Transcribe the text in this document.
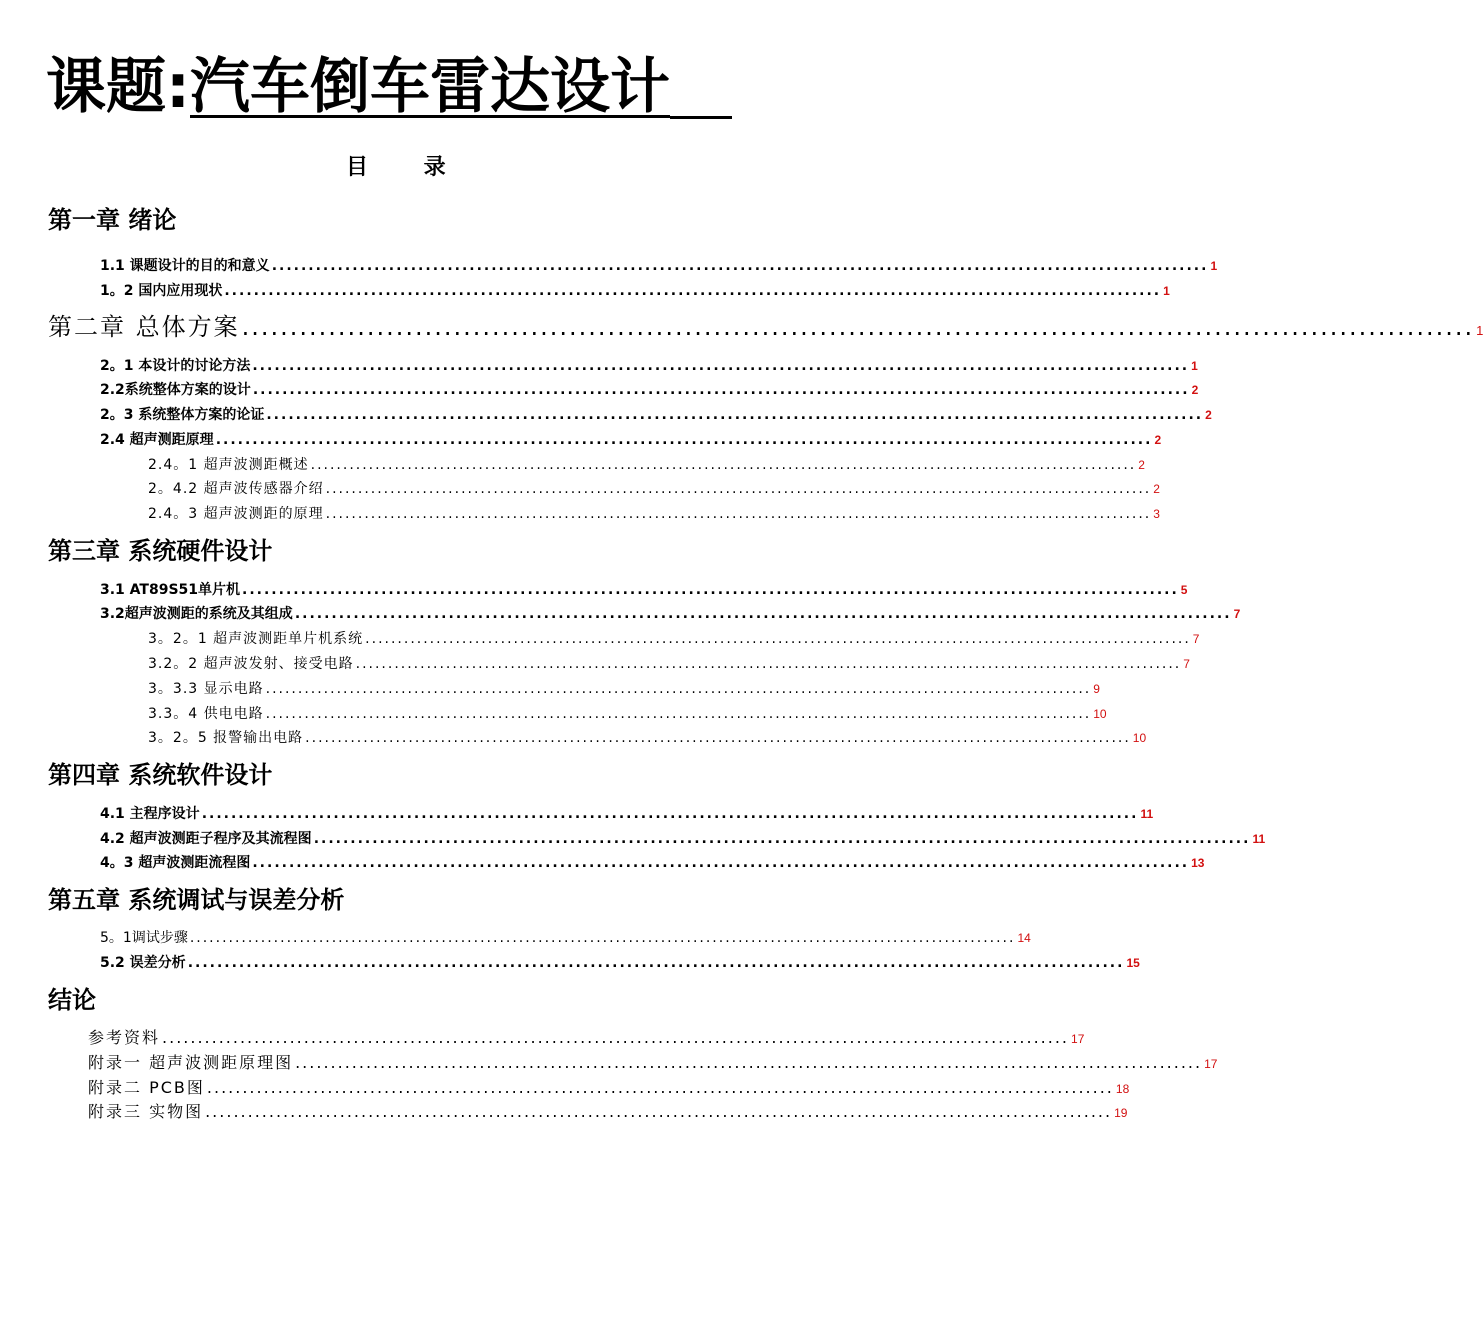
课题:汽车倒车雷达设计
目 录
第一章 绪论
1.1 课题设计的目的和意义 ................................................................................................................................ 1
1。2 国内应用现状 ................................................................................................................................ 1
第二章 总体方案 ................................................................................................................................ 1
2。1 本设计的讨论方法 ................................................................................................................................ 1
2.2系统整体方案的设计 ................................................................................................................................ 2
2。3 系统整体方案的论证 ................................................................................................................................ 2
2.4 超声测距原理 ................................................................................................................................ 2
2.4。1 超声波测距概述 ................................................................................................................................ 2
2。4.2 超声波传感器介绍 ................................................................................................................................ 2
2.4。3 超声波测距的原理 ................................................................................................................................ 3
第三章 系统硬件设计
3.1 AT89S51单片机 ................................................................................................................................ 5
3.2超声波测距的系统及其组成 ................................................................................................................................ 7
3。2。1 超声波测距单片机系统 ................................................................................................................................ 7
3.2。2 超声波发射、接受电路 ................................................................................................................................ 7
3。3.3 显示电路 ................................................................................................................................ 9
3.3。4 供电电路 ................................................................................................................................ 10
3。2。5 报警输出电路 ................................................................................................................................ 10
第四章 系统软件设计
4.1 主程序设计 ................................................................................................................................ 11
4.2 超声波测距子程序及其流程图 ................................................................................................................................ 11
4。3 超声波测距流程图 ................................................................................................................................ 13
第五章 系统调试与误差分析
5。1调试步骤 ................................................................................................................................ 14
5.2 误差分析 ................................................................................................................................ 15
结论
参考资料 ................................................................................................................................ 17
附录一 超声波测距原理图 ................................................................................................................................ 17
附录二 PCB图 ................................................................................................................................ 18
附录三 实物图 ................................................................................................................................ 19
